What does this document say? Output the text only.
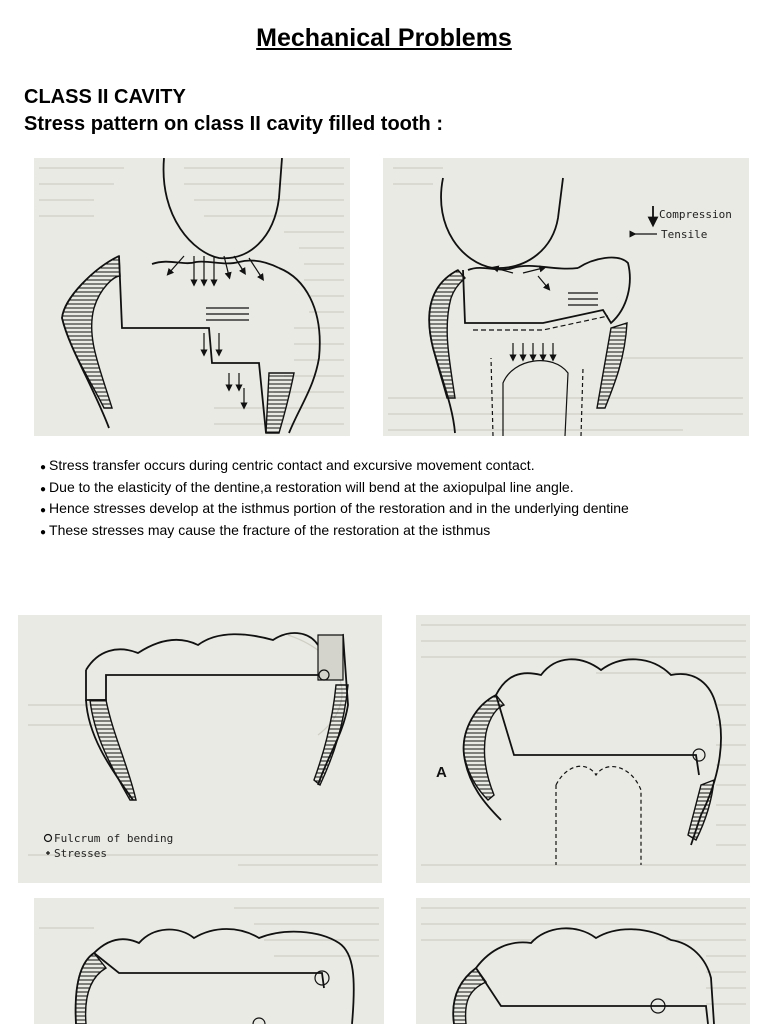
Mechanical Problems
CLASS II CAVITY
Stress pattern on class II cavity filled tooth :
Compression
Tensile
● Stress transfer occurs during centric contact and excursive movement contact.
● Due to the elasticity of the dentine,a restoration will bend at the axiopulpal line angle.
● Hence stresses develop at the isthmus portion of the restoration and in the underlying dentine
● These stresses may cause the fracture of the restoration at the isthmus
Fulcrum of bending
Stresses
A
